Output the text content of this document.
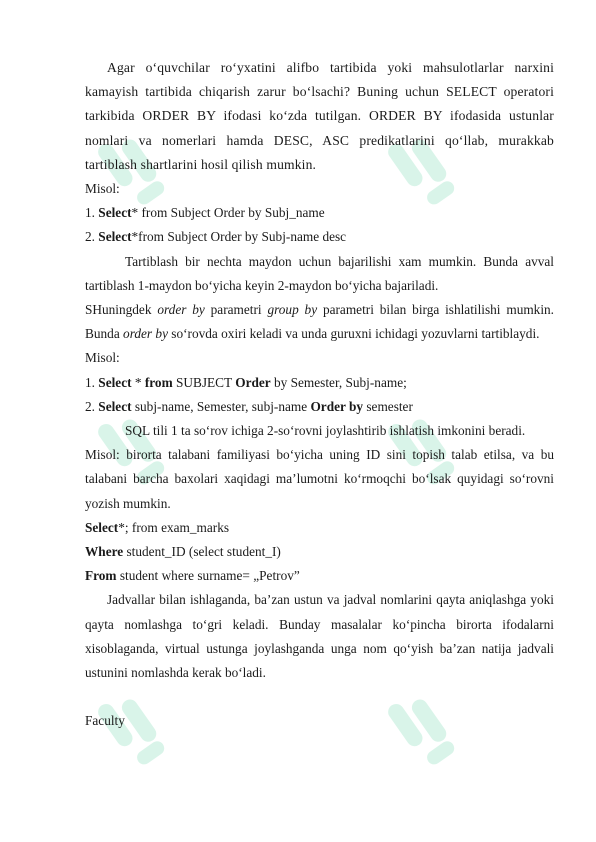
Agar o‘quvchilar ro‘yxatini alifbo tartibida yoki mahsulotlarlar narxini kamayish tartibida chiqarish zarur bo‘lsachi? Buning uchun SELECT operatori tarkibida ORDER BY ifodasi ko‘zda tutilgan. ORDER BY ifodasida ustunlar nomlari va nomerlari hamda DESC, ASC predikatlarini qo‘llab, murakkab tartiblash shartlarini hosil qilish mumkin.

Misol:

1. Select* from Subject Order by Subj_name

2. Select*from Subject Order by Subj-name desc

Tartiblash bir nechta maydon uchun bajarilishi xam mumkin. Bunda avval tartiblash 1-maydon bo‘yicha keyin 2-maydon bo‘yicha bajariladi.

SHuningdek order by parametri group by parametri bilan birga ishlatilishi mumkin. Bunda order by so‘rovda oxiri keladi va unda guruxni ichidagi yozuvlarni tartiblaydi.

Misol:

1. Select * from SUBJECT Order by Semester, Subj-name;

2. Select subj-name, Semester, subj-name Order by semester

SQL tili 1 ta so‘rov ichiga 2-so‘rovni joylashtirib ishlatish imkonini beradi.

Misol: birorta talabani familiyasi bo‘yicha uning ID sini topish talab etilsa, va bu talabani barcha baxolari xaqidagi ma’lumotni ko‘rmoqchi bo‘lsak quyidagi so‘rovni yozish mumkin.

Select*; from exam_marks

Where student_ID (select student_I)

From student where surname= „Petrov”

Jadvallar bilan ishlaganda, ba’zan ustun va jadval nomlarini qayta aniqlashga yoki qayta nomlashga to‘gri keladi. Bunday masalalar ko‘pincha birorta ifodalarni xisoblaganda, virtual ustunga joylashganda unga nom qo‘yish ba’zan natija jadvali ustunini nomlashda kerak bo‘ladi.

Faculty
